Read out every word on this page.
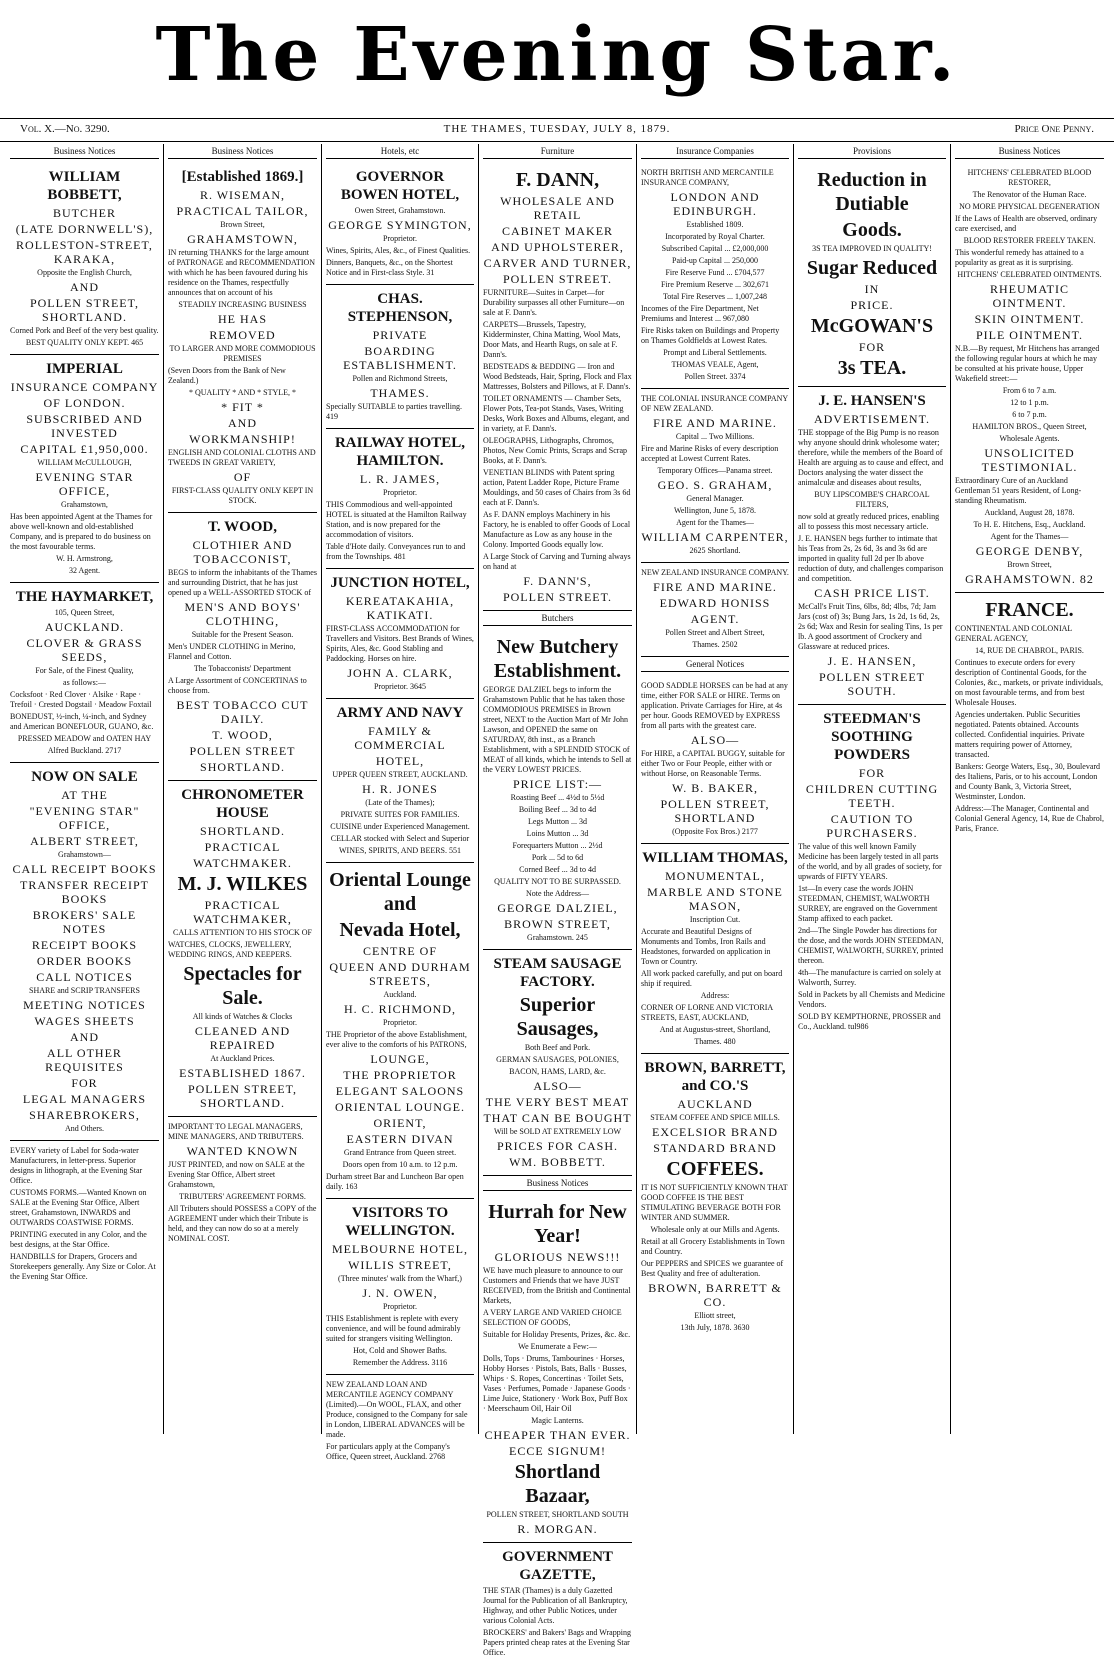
The Evening Star.
Vol. X.—No. 3290.	THE THAMES, TUESDAY, JULY 8, 1879.	Price One Penny.
Business Notices

WILLIAM BOBBETT,

BUTCHER

(LATE DORNWELL'S),

ROLLESTON-STREET, KARAKA,

Opposite the English Church,

AND

POLLEN STREET, SHORTLAND.

Corned Pork and Beef of the very best quality.

BEST QUALITY ONLY KEPT. 465

IMPERIAL

INSURANCE COMPANY

OF LONDON.

SUBSCRIBED AND INVESTED

CAPITAL £1,950,000.

WILLIAM McCULLOUGH,

EVENING STAR OFFICE,

Grahamstown,

Has been appointed Agent at the Thames for above well-known and old-established Company, and is prepared to do business on the most favourable terms.

W. H. Armstrong,

32 Agent.

THE HAYMARKET,

105, Queen Street,

AUCKLAND.

CLOVER & GRASS SEEDS,

For Sale, of the Finest Quality,

as follows:—

Cocksfoot · Red Clover · Alsike · Rape · Trefoil · Crested Dogstail · Meadow Foxtail

BONEDUST, ½-inch, ¼-inch, and Sydney and American BONEFLOUR, GUANO, &c.

PRESSED MEADOW and OATEN HAY

Alfred Buckland. 2717

NOW ON SALE

AT THE

"EVENING STAR" OFFICE,

ALBERT STREET,

Grahamstown—

CALL RECEIPT BOOKS

TRANSFER RECEIPT BOOKS

BROKERS' SALE NOTES

RECEIPT BOOKS

ORDER BOOKS

CALL NOTICES

SHARE and SCRIP TRANSFERS

MEETING NOTICES

WAGES SHEETS

AND

ALL OTHER REQUISITES

FOR

LEGAL MANAGERS

SHAREBROKERS,

And Others.

EVERY variety of Label for Soda-water Manufacturers, in letter-press. Superior designs in lithograph, at the Evening Star Office.

CUSTOMS FORMS.—Wanted Known on SALE at the Evening Star Office, Albert street, Grahamstown, INWARDS and OUTWARDS COASTWISE FORMS.

PRINTING executed in any Color, and the best designs, at the Star Office.

HANDBILLS for Drapers, Grocers and Storekeepers generally. Any Size or Color. At the Evening Star Office.

Business Notices

[Established 1869.]

R. WISEMAN,

PRACTICAL TAILOR,

Brown Street,

GRAHAMSTOWN,

IN returning THANKS for the large amount of PATRONAGE and RECOMMENDATION with which he has been favoured during his residence on the Thames, respectfully announces that on account of his

STEADILY INCREASING BUSINESS

HE HAS

REMOVED

TO LARGER AND MORE COMMODIOUS PREMISES

(Seven Doors from the Bank of New Zealand.)

* QUALITY * AND * STYLE, *

* FIT *

AND

WORKMANSHIP!

ENGLISH AND COLONIAL CLOTHS AND TWEEDS IN GREAT VARIETY,

OF

FIRST-CLASS QUALITY ONLY KEPT IN STOCK.

T. WOOD,

CLOTHIER AND TOBACCONIST,

BEGS to inform the inhabitants of the Thames and surrounding District, that he has just opened up a WELL-ASSORTED STOCK of

MEN'S AND BOYS' CLOTHING,

Suitable for the Present Season.

Men's UNDER CLOTHING in Merino, Flannel and Cotton.

The Tobacconists' Department

A Large Assortment of CONCERTINAS to choose from.

BEST TOBACCO CUT DAILY.

T. WOOD,

POLLEN STREET

SHORTLAND.

CHRONOMETER HOUSE

SHORTLAND.

PRACTICAL

WATCHMAKER.

M. J. WILKES

PRACTICAL WATCHMAKER,

CALLS ATTENTION TO HIS STOCK OF

WATCHES, CLOCKS, JEWELLERY, WEDDING RINGS, AND KEEPERS.

Spectacles for Sale.

All kinds of Watches & Clocks

CLEANED AND REPAIRED

At Auckland Prices.

ESTABLISHED 1867.

POLLEN STREET, SHORTLAND.

IMPORTANT TO LEGAL MANAGERS, MINE MANAGERS, AND TRIBUTERS.

WANTED KNOWN

JUST PRINTED, and now on SALE at the Evening Star Office, Albert street Grahamstown,

TRIBUTERS' AGREEMENT FORMS.

All Tributers should POSSESS a COPY of the AGREEMENT under which their Tribute is held, and they can now do so at a merely NOMINAL COST.

Hotels, etc

GOVERNOR BOWEN HOTEL,

Owen Street, Grahamstown.

GEORGE SYMINGTON,

Proprietor.

Wines, Spirits, Ales, &c., of Finest Qualities.

Dinners, Banquets, &c., on the Shortest Notice and in First-class Style. 31

CHAS. STEPHENSON,

PRIVATE

BOARDING ESTABLISHMENT.

Pollen and Richmond Streets,

THAMES.

Specially SUITABLE to parties travelling. 419

RAILWAY HOTEL, HAMILTON.

L. R. JAMES,

Proprietor.

THIS Commodious and well-appointed HOTEL is situated at the Hamilton Railway Station, and is now prepared for the accommodation of visitors.

Table d'Hote daily. Conveyances run to and from the Townships. 481

JUNCTION HOTEL,

KEREATAKAHIA, KATIKATI.

FIRST-CLASS ACCOMMODATION for Travellers and Visitors. Best Brands of Wines, Spirits, Ales, &c. Good Stabling and Paddocking. Horses on hire.

JOHN A. CLARK,

Proprietor. 3645

ARMY AND NAVY

FAMILY & COMMERCIAL

HOTEL,

UPPER QUEEN STREET, AUCKLAND.

H. R. JONES

(Late of the Thames);

PRIVATE SUITES FOR FAMILIES.

CUISINE under Experienced Management.

CELLAR stocked with Select and Superior

WINES, SPIRITS, AND BEERS. 551

Oriental Lounge and

Nevada Hotel,

CENTRE OF

QUEEN AND DURHAM STREETS,

Auckland.

H. C. RICHMOND,

Proprietor.

THE Proprietor of the above Establishment, ever alive to the comforts of his PATRONS,

LOUNGE,

THE PROPRIETOR

ELEGANT SALOONS

ORIENTAL LOUNGE.

ORIENT,

EASTERN DIVAN

Grand Entrance from Queen street.

Doors open from 10 a.m. to 12 p.m.

Durham street Bar and Luncheon Bar open daily. 163

VISITORS TO WELLINGTON.

MELBOURNE HOTEL,

WILLIS STREET,

(Three minutes' walk from the Wharf,)

J. N. OWEN,

Proprietor.

THIS Establishment is replete with every convenience, and will be found admirably suited for strangers visiting Wellington.

Hot, Cold and Shower Baths.

Remember the Address. 3116

NEW ZEALAND LOAN AND MERCANTILE AGENCY COMPANY (Limited).—On WOOL, FLAX, and other Produce, consigned to the Company for sale in London, LIBERAL ADVANCES will be made.

For particulars apply at the Company's Office, Queen street, Auckland. 2768

Furniture

F. DANN,

WHOLESALE AND RETAIL

CABINET MAKER

AND UPHOLSTERER,

CARVER AND TURNER,

POLLEN STREET.

FURNITURE—Suites in Carpet—for Durability surpasses all other Furniture—on sale at F. Dann's.

CARPETS—Brussels, Tapestry, Kidderminster, China Matting, Wool Mats, Door Mats, and Hearth Rugs, on sale at F. Dann's.

BEDSTEADS & BEDDING — Iron and Wood Bedsteads, Hair, Spring, Flock and Flax Mattresses, Bolsters and Pillows, at F. Dann's.

TOILET ORNAMENTS — Chamber Sets, Flower Pots, Tea-pot Stands, Vases, Writing Desks, Work Boxes and Albums, elegant, and in variety, at F. Dann's.

OLEOGRAPHS, Lithographs, Chromos, Photos, New Comic Prints, Scraps and Scrap Books, at F. Dann's.

VENETIAN BLINDS with Patent spring action, Patent Ladder Rope, Picture Frame Mouldings, and 50 cases of Chairs from 3s 6d each at F. Dann's.

As F. DANN employs Machinery in his Factory, he is enabled to offer Goods of Local Manufacture as Low as any house in the Colony. Imported Goods equally low.

A Large Stock of Carving and Turning always on hand at

F. DANN'S,

POLLEN STREET.

Butchers

New Butchery Establishment.

GEORGE DALZIEL begs to inform the Grahamstown Public that he has taken those COMMODIOUS PREMISES in Brown street, NEXT to the Auction Mart of Mr John Lawson, and OPENED the same on SATURDAY, 8th inst., as a Branch Establishment, with a SPLENDID STOCK of MEAT of all kinds, which he intends to Sell at the VERY LOWEST PRICES.

PRICE LIST:—

Roasting Beef ... 4½d to 5½d

Boiling Beef ... 3d to 4d

Legs Mutton ... 3d

Loins Mutton ... 3d

Forequarters Mutton ... 2½d

Pork ... 5d to 6d

Corned Beef ... 3d to 4d

QUALITY NOT TO BE SURPASSED.

Note the Address—

GEORGE DALZIEL,

BROWN STREET,

Grahamstown. 245

STEAM SAUSAGE FACTORY.

Superior Sausages,

Both Beef and Pork.

GERMAN SAUSAGES, POLONIES,

BACON, HAMS, LARD, &c.

ALSO—

THE VERY BEST MEAT

THAT CAN BE BOUGHT

Will be SOLD AT EXTREMELY LOW

PRICES FOR CASH.

WM. BOBBETT.

Business Notices

Hurrah for New Year!

GLORIOUS NEWS!!!

WE have much pleasure to announce to our Customers and Friends that we have JUST RECEIVED, from the British and Continental Markets,

A VERY LARGE AND VARIED CHOICE SELECTION OF GOODS,

Suitable for Holiday Presents, Prizes, &c. &c.

We Enumerate a Few:—

Dolls, Tops · Drums, Tambourines · Horses, Hobby Horses · Pistols, Bats, Balls · Busses, Whips · S. Ropes, Concertinas · Toilet Sets, Vases · Perfumes, Pomade · Japanese Goods · Lime Juice, Stationery · Work Box, Puff Box · Meerschaum Oil, Hair Oil

Magic Lanterns.

CHEAPER THAN EVER.

ECCE SIGNUM!

Shortland Bazaar,

POLLEN STREET, SHORTLAND SOUTH

R. MORGAN.

GOVERNMENT GAZETTE,

THE STAR (Thames) is a duly Gazetted Journal for the Publication of all Bankruptcy, Highway, and other Public Notices, under various Colonial Acts.

BROCKERS' and Bakers' Bags and Wrapping Papers printed cheap rates at the Evening Star Office.

Insurance Companies

NORTH BRITISH AND MERCANTILE INSURANCE COMPANY,

LONDON AND EDINBURGH.

Established 1809.

Incorporated by Royal Charter.

Subscribed Capital ... £2,000,000

Paid-up Capital ... 250,000

Fire Reserve Fund ... £704,577

Fire Premium Reserve ... 302,671

Total Fire Reserves ... 1,007,248

Incomes of the Fire Department, Net Premiums and Interest ... 967,080

Fire Risks taken on Buildings and Property on Thames Goldfields at Lowest Rates.

Prompt and Liberal Settlements.

THOMAS VEALE, Agent,

Pollen Street. 3374

THE COLONIAL INSURANCE COMPANY OF NEW ZEALAND.

FIRE AND MARINE.

Capital ... Two Millions.

Fire and Marine Risks of every description accepted at Lowest Current Rates.

Temporary Offices—Panama street.

GEO. S. GRAHAM,

General Manager.

Wellington, June 5, 1878.

Agent for the Thames—

WILLIAM CARPENTER,

2625 Shortland.

NEW ZEALAND INSURANCE COMPANY.

FIRE AND MARINE.

EDWARD HONISS

AGENT.

Pollen Street and Albert Street,

Thames. 2502

General Notices

GOOD SADDLE HORSES can be had at any time, either FOR SALE or HIRE. Terms on application. Private Carriages for Hire, at 4s per hour. Goods REMOVED by EXPRESS from all parts with the greatest care.

ALSO—

For HIRE, a CAPITAL BUGGY, suitable for either Two or Four People, either with or without Horse, on Reasonable Terms.

W. B. BAKER,

POLLEN STREET, SHORTLAND

(Opposite Fox Bros.) 2177

WILLIAM THOMAS,

MONUMENTAL,

MARBLE AND STONE MASON,

Inscription Cut.

Accurate and Beautiful Designs of Monuments and Tombs, Iron Rails and Headstones, forwarded on application in Town or Country.

All work packed carefully, and put on board ship if required.

Address:

CORNER OF LORNE AND VICTORIA STREETS, EAST, AUCKLAND,

And at Augustus-street, Shortland,

Thames. 480

BROWN, BARRETT, and CO.'S

AUCKLAND

STEAM COFFEE AND SPICE MILLS.

EXCELSIOR BRAND

STANDARD BRAND

COFFEES.

IT IS NOT SUFFICIENTLY KNOWN THAT GOOD COFFEE IS THE BEST STIMULATING BEVERAGE BOTH FOR WINTER AND SUMMER.

Wholesale only at our Mills and Agents.

Retail at all Grocery Establishments in Town and Country.

Our PEPPERS and SPICES we guarantee of Best Quality and free of adulteration.

BROWN, BARRETT & CO.

Elliott street,

13th July, 1878. 3630

Provisions

Reduction in Dutiable

Goods.

3S TEA IMPROVED IN QUALITY!

Sugar Reduced

IN

PRICE.

McGOWAN'S

FOR

3s TEA.

J. E. HANSEN'S

ADVERTISEMENT.

THE stoppage of the Big Pump is no reason why anyone should drink wholesome water; therefore, while the members of the Board of Health are arguing as to cause and effect, and Doctors analysing the water dissect the animalculæ and diseases about results,

BUY LIPSCOMBE'S CHARCOAL FILTERS,

now sold at greatly reduced prices, enabling all to possess this most necessary article.

J. E. HANSEN begs further to intimate that his Teas from 2s, 2s 6d, 3s and 3s 6d are imported in quality full 2d per lb above reduction of duty, and challenges comparison and competition.

CASH PRICE LIST.

McCall's Fruit Tins, 6lbs, 8d; 4lbs, 7d; Jam Jars (cost of) 3s; Bung Jars, 1s 2d, 1s 6d, 2s, 2s 6d; Wax and Resin for sealing Tins, 1s per lb. A good assortment of Crockery and Glassware at reduced prices.

J. E. HANSEN,

POLLEN STREET SOUTH.

STEEDMAN'S SOOTHING POWDERS

FOR

CHILDREN CUTTING TEETH.

CAUTION TO PURCHASERS.

The value of this well known Family Medicine has been largely tested in all parts of the world, and by all grades of society, for upwards of FIFTY YEARS.

1st—In every case the words JOHN STEEDMAN, CHEMIST, WALWORTH SURREY, are engraved on the Government Stamp affixed to each packet.

2nd—The Single Powder has directions for the dose, and the words JOHN STEEDMAN, CHEMIST, WALWORTH, SURREY, printed thereon.

4th—The manufacture is carried on solely at Walworth, Surrey.

Sold in Packets by all Chemists and Medicine Vendors.

SOLD BY KEMPTHORNE, PROSSER and Co., Auckland. tul986

Business Notices

HITCHENS' CELEBRATED BLOOD RESTORER,

The Renovator of the Human Race.

NO MORE PHYSICAL DEGENERATION

If the Laws of Health are observed, ordinary care exercised, and

BLOOD RESTORER FREELY TAKEN.

This wonderful remedy has attained to a popularity as great as it is surprising.

HITCHENS' CELEBRATED OINTMENTS.

RHEUMATIC OINTMENT.

SKIN OINTMENT.

PILE OINTMENT.

N.B.—By request, Mr Hitchens has arranged the following regular hours at which he may be consulted at his private house, Upper Wakefield street:—

From 6 to 7 a.m.

12 to 1 p.m.

6 to 7 p.m.

HAMILTON BROS., Queen Street,

Wholesale Agents.

UNSOLICITED TESTIMONIAL.

Extraordinary Cure of an Auckland Gentleman 51 years Resident, of Long-standing Rheumatism.

Auckland, August 28, 1878.

To H. E. Hitchens, Esq., Auckland.

Agent for the Thames—

GEORGE DENBY,

Brown Street,

GRAHAMSTOWN. 82

FRANCE.

CONTINENTAL AND COLONIAL GENERAL AGENCY,

14, RUE DE CHABROL, PARIS.

Continues to execute orders for every description of Continental Goods, for the Colonies, &c., markets, or private individuals, on most favourable terms, and from best Wholesale Houses.

Agencies undertaken. Public Securities negotiated. Patents obtained. Accounts collected. Confidential inquiries. Private matters requiring power of Attorney, transacted.

Bankers: George Waters, Esq., 30, Boulevard des Italiens, Paris, or to his account, London and County Bank, 3, Victoria Street, Westminster, London.

Address:—The Manager, Continental and Colonial General Agency, 14, Rue de Chabrol, Paris, France.
